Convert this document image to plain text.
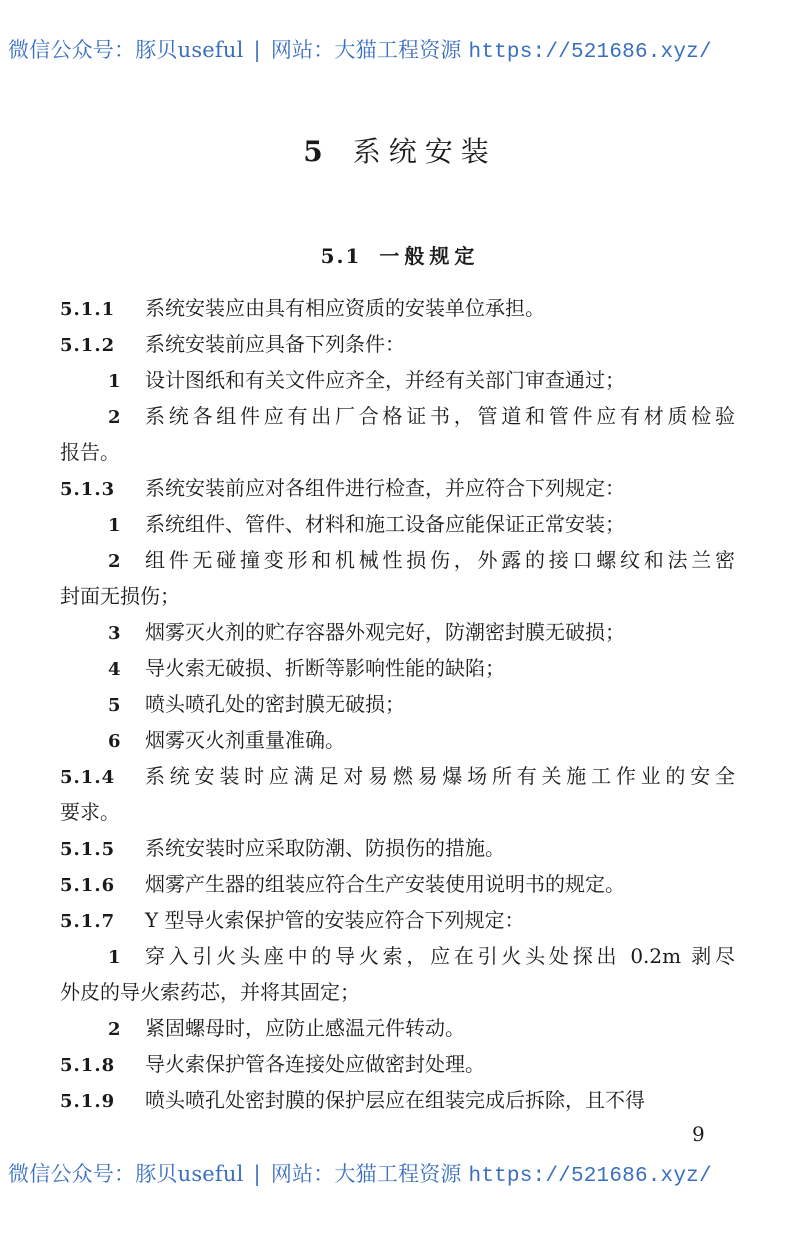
微信公众号：豚贝useful | 网站：大猫工程资源 https://521686.xyz/
5 系统安装
5.1 一般规定
5.1.1 系统安装应由具有相应资质的安装单位承担。
5.1.2 系统安装前应具备下列条件：
1 设计图纸和有关文件应齐全，并经有关部门审查通过；
2 系统各组件应有出厂合格证书，管道和管件应有材质检验
报告。
5.1.3 系统安装前应对各组件进行检查，并应符合下列规定：
1 系统组件、管件、材料和施工设备应能保证正常安装；
2 组件无碰撞变形和机械性损伤，外露的接口螺纹和法兰密
封面无损伤；
3 烟雾灭火剂的贮存容器外观完好，防潮密封膜无破损；
4 导火索无破损、折断等影响性能的缺陷；
5 喷头喷孔处的密封膜无破损；
6 烟雾灭火剂重量准确。
5.1.4 系统安装时应满足对易燃易爆场所有关施工作业的安全
要求。
5.1.5 系统安装时应采取防潮、防损伤的措施。
5.1.6 烟雾产生器的组装应符合生产安装使用说明书的规定。
5.1.7 Y 型导火索保护管的安装应符合下列规定：
1 穿入引火头座中的导火索，应在引火头处探出 0.2m 剥尽
外皮的导火索药芯，并将其固定；
2 紧固螺母时，应防止感温元件转动。
5.1.8 导火索保护管各连接处应做密封处理。
5.1.9 喷头喷孔处密封膜的保护层应在组装完成后拆除，且不得
9
微信公众号：豚贝useful | 网站：大猫工程资源 https://521686.xyz/
